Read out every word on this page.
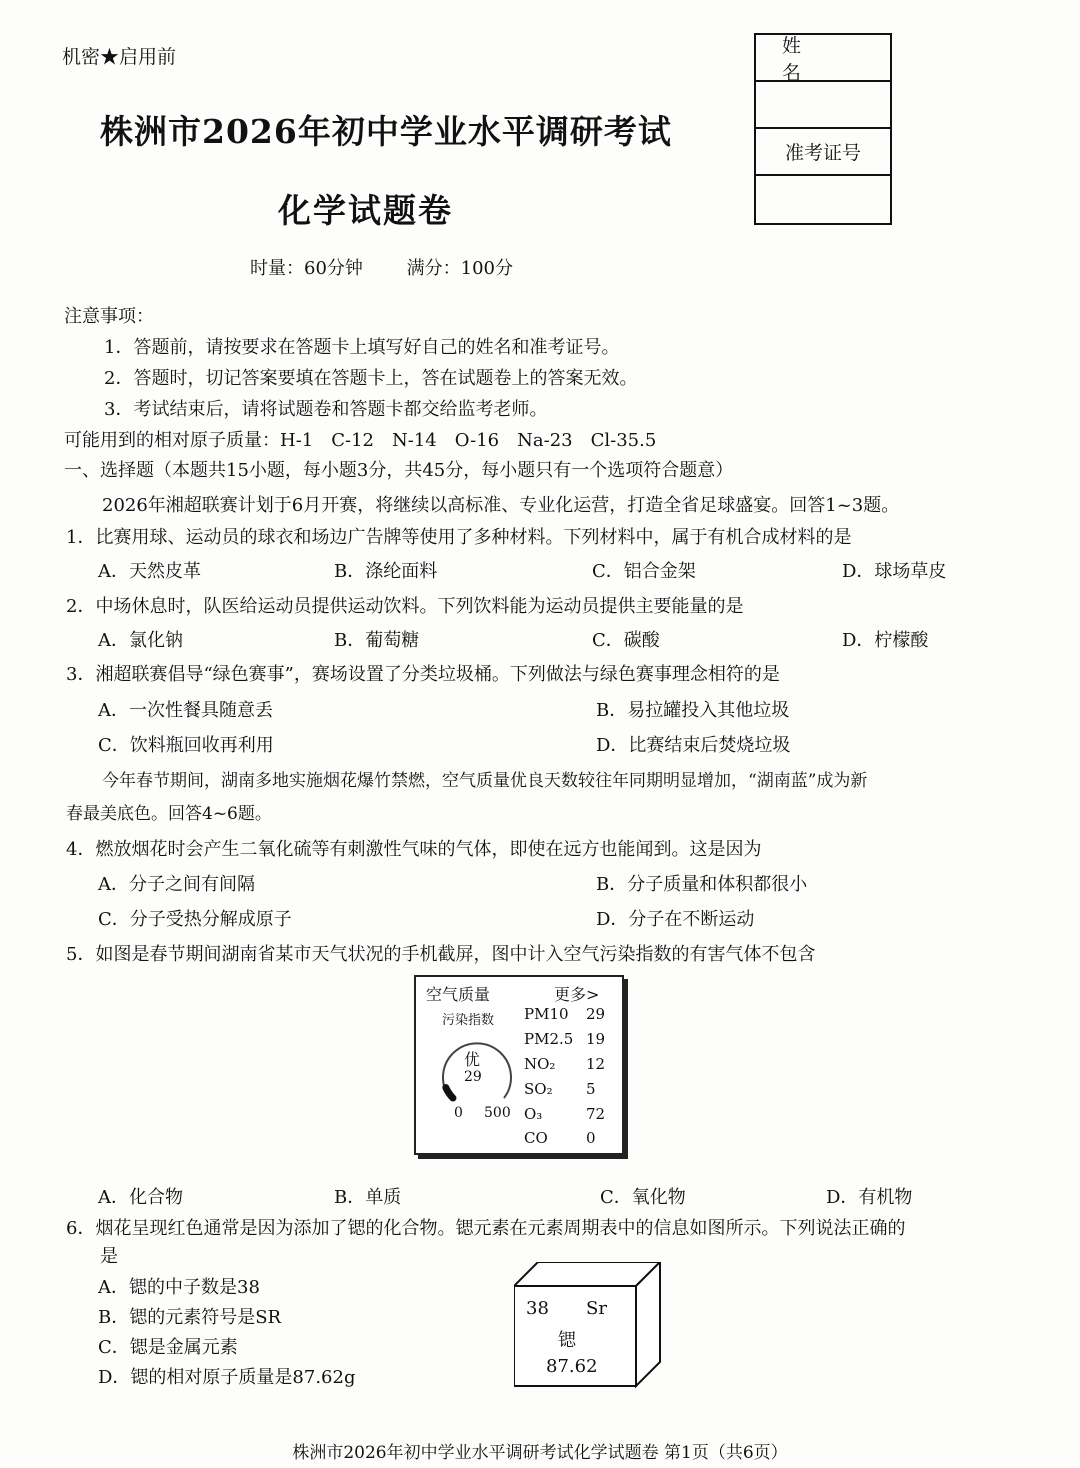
机密★启用前
株洲市2026年初中学业水平调研考试
化学试题卷
时量：60分钟 满分：100分
姓 名
准考证号
注意事项：
1．答题前，请按要求在答题卡上填写好自己的姓名和准考证号。
2．答题时，切记答案要填在答题卡上，答在试题卷上的答案无效。
3．考试结束后，请将试题卷和答题卡都交给监考老师。
可能用到的相对原子质量：H-1　C-12　N-14　O-16　Na-23　Cl-35.5
一、选择题（本题共15小题，每小题3分，共45分，每小题只有一个选项符合题意）
2026年湘超联赛计划于6月开赛，将继续以高标准、专业化运营，打造全省足球盛宴。回答1~3题。
1．比赛用球、运动员的球衣和场边广告牌等使用了多种材料。下列材料中，属于有机合成材料的是
A．天然皮革	B．涤纶面料	C．铝合金架	D．球场草皮
2．中场休息时，队医给运动员提供运动饮料。下列饮料能为运动员提供主要能量的是
A．氯化钠	B．葡萄糖	C．碳酸	D．柠檬酸
3．湘超联赛倡导“绿色赛事”，赛场设置了分类垃圾桶。下列做法与绿色赛事理念相符的是
A．一次性餐具随意丢	B．易拉罐投入其他垃圾
C．饮料瓶回收再利用	D．比赛结束后焚烧垃圾
今年春节期间，湖南多地实施烟花爆竹禁燃，空气质量优良天数较往年同期明显增加，“湖南蓝”成为新
春最美底色。回答4~6题。
4．燃放烟花时会产生二氧化硫等有刺激性气味的气体，即使在远方也能闻到。这是因为
A．分子之间有间隔	B．分子质量和体积都很小
C．分子受热分解成原子	D．分子在不断运动
5．如图是春节期间湖南省某市天气状况的手机截屏，图中计入空气污染指数的有害气体不包含
空气质量	更多>
污染指数
优
29
0 500
PM10 29
PM2.5 19
NO₂ 12
SO₂ 5
O₃	72
CO	0
A．化合物	B．单质	C．氧化物	D．有机物
6．烟花呈现红色通常是因为添加了锶的化合物。锶元素在元素周期表中的信息如图所示。下列说法正确的
是
A．锶的中子数是38
B．锶的元素符号是SR
C．锶是金属元素
D．锶的相对原子质量是87.62g
38 Sr
锶
87.62
株洲市2026年初中学业水平调研考试化学试题卷 第1页（共6页）
